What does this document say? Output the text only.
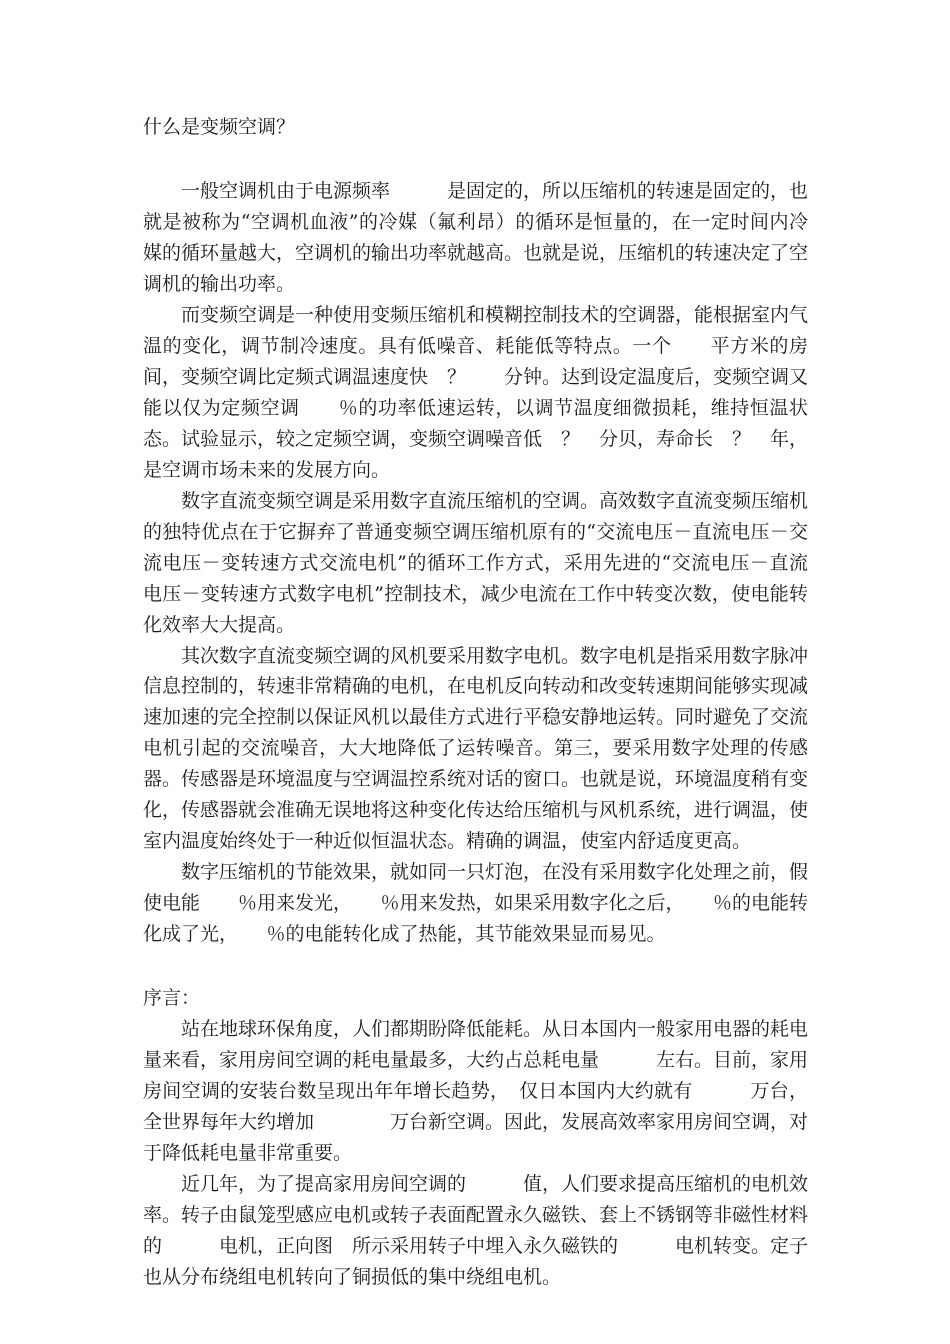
什么是变频空调？

一般空调机由于电源频率　　　是固定的，所以压缩机的转速是固定的，也就是被称为“空调机血液”的冷媒（氟利昂）的循环是恒量的，在一定时间内冷媒的循环量越大，空调机的输出功率就越高。也就是说，压缩机的转速决定了空调机的输出功率。

而变频空调是一种使用变频压缩机和模糊控制技术的空调器，能根据室内气温的变化，调节制冷速度。具有低噪音、耗能低等特点。一个　　平方米的房间，变频空调比定频式调温速度快　？　　分钟。达到设定温度后，变频空调又能以仅为定频空调　　％的功率低速运转，以调节温度细微损耗，维持恒温状态。试验显示，较之定频空调，变频空调噪音低　？　分贝，寿命长　？　年，是空调市场未来的发展方向。

数字直流变频空调是采用数字直流压缩机的空调。高效数字直流变频压缩机的独特优点在于它摒弃了普通变频空调压缩机原有的“交流电压－直流电压－交流电压－变转速方式交流电机”的循环工作方式，采用先进的“交流电压－直流电压－变转速方式数字电机”控制技术，减少电流在工作中转变次数，使电能转化效率大大提高。

其次数字直流变频空调的风机要采用数字电机。数字电机是指采用数字脉冲信息控制的，转速非常精确的电机，在电机反向转动和改变转速期间能够实现减速加速的完全控制以保证风机以最佳方式进行平稳安静地运转。同时避免了交流电机引起的交流噪音，大大地降低了运转噪音。第三，要采用数字处理的传感器。传感器是环境温度与空调温控系统对话的窗口。也就是说，环境温度稍有变化，传感器就会准确无误地将这种变化传达给压缩机与风机系统，进行调温，使室内温度始终处于一种近似恒温状态。精确的调温，使室内舒适度更高。

数字压缩机的节能效果，就如同一只灯泡，在没有采用数字化处理之前，假使电能　　％用来发光，　　％用来发热，如果采用数字化之后，　　％的电能转化成了光，　　％的电能转化成了热能，其节能效果显而易见。

序言：

站在地球环保角度，人们都期盼降低能耗。从日本国内一般家用电器的耗电量来看，家用房间空调的耗电量最多，大约占总耗电量　　　左右。目前，家用房间空调的安装台数呈现出年年增长趋势，　仅日本国内大约就有　　　万台，全世界每年大约增加　　　　万台新空调。因此，发展高效率家用房间空调，对于降低耗电量非常重要。

近几年，为了提高家用房间空调的　　　值，人们要求提高压缩机的电机效率。转子由鼠笼型感应电机或转子表面配置永久磁铁、套上不锈钢等非磁性材料的　　　电机，正向图　所示采用转子中埋入永久磁铁的　　　电机转变。定子也从分布绕组电机转向了铜损低的集中绕组电机。
